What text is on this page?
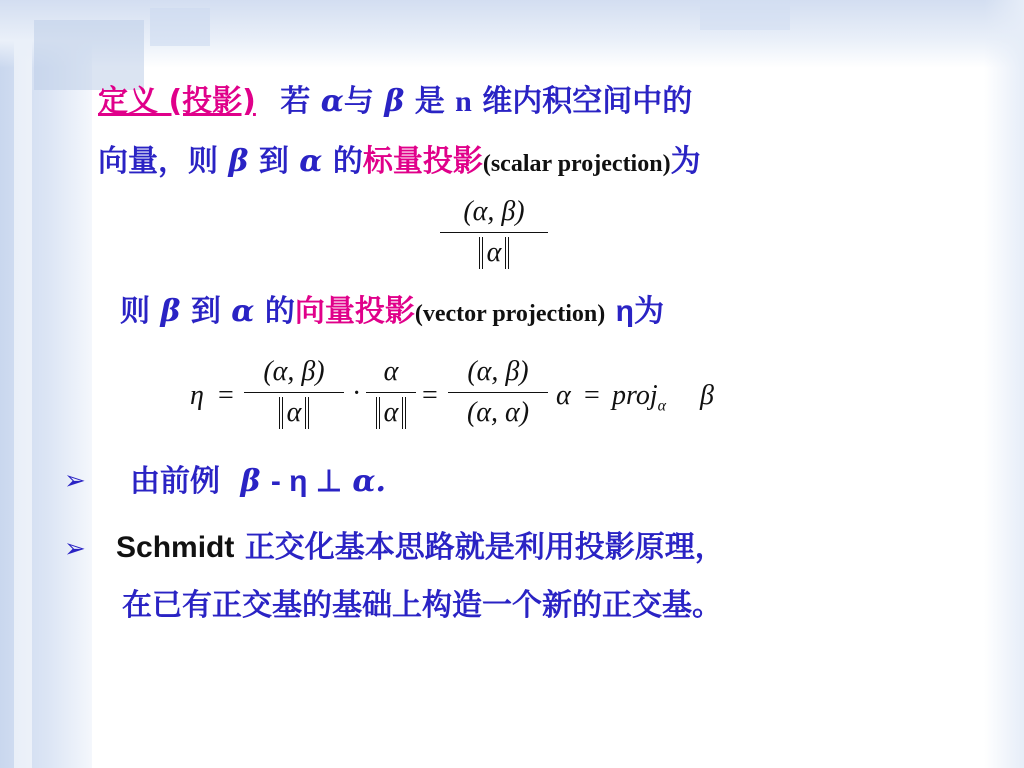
定义 (投影) 若 α与 β 是 n 维内积空间中的
向量，则 β 到 α 的标量投影(scalar projection)为
(α, β)
α
则 β 到 α 的向量投影(vector projection) η为
η =
(α, β)
α
·
α
α
=
(α, β)
(α, α)
α = proj$_\alpha$ β
➢ 由前例 β - η ⊥ α.
➢ Schmidt 正交化基本思路就是利用投影原理，
在已有正交基的基础上构造一个新的正交基。
